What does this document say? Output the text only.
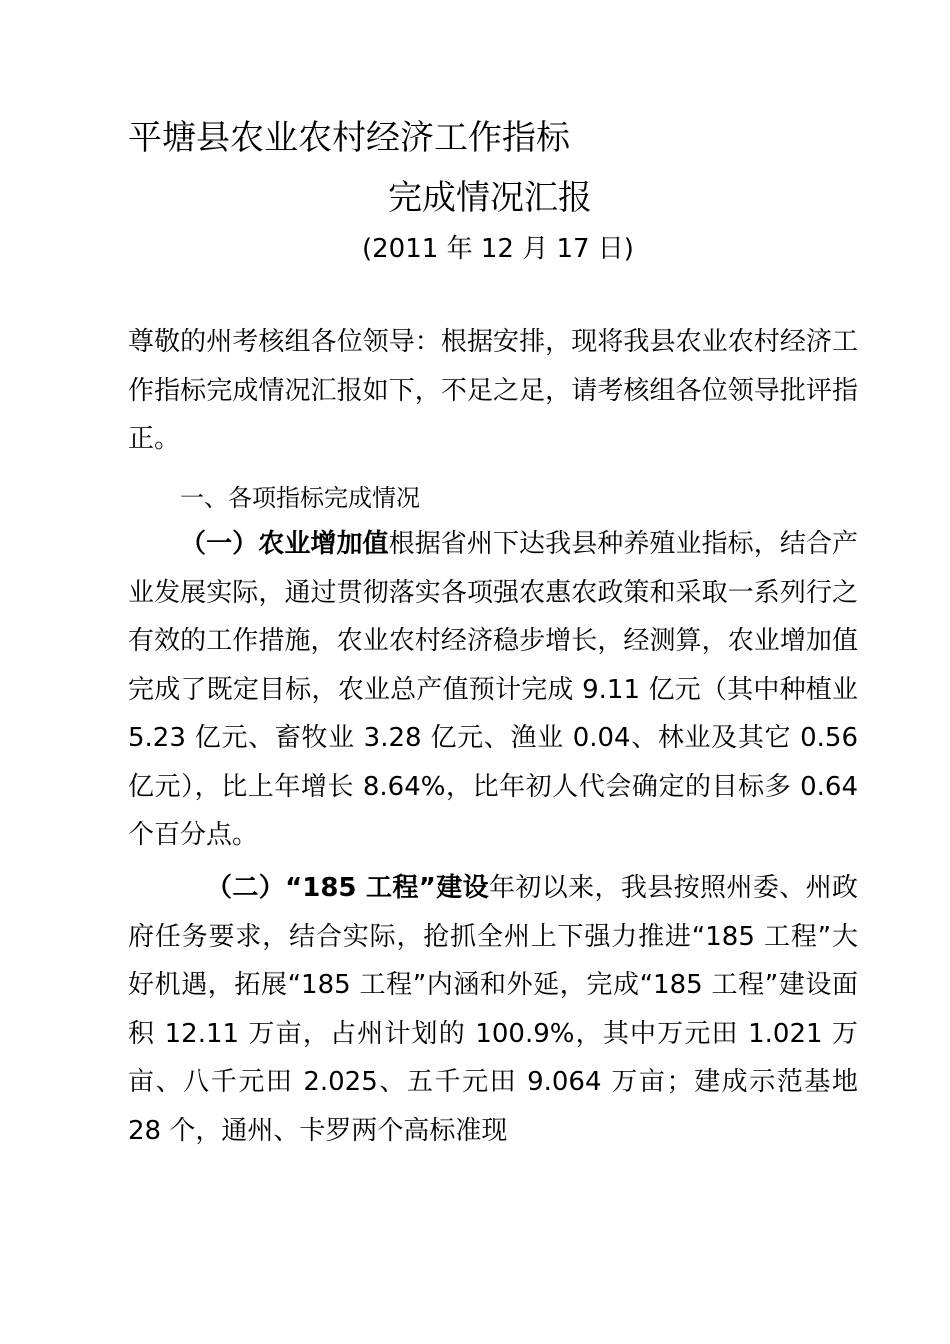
平塘县农业农村经济工作指标
完成情况汇报
(2011 年 12 月 17 日)

尊敬的州考核组各位领导：根据安排，现将我县农业农村经济工作指标完成情况汇报如下，不足之足，请考核组各位领导批评指正。

一、各项指标完成情况

（一）农业增加值根据省州下达我县种养殖业指标，结合产业发展实际，通过贯彻落实各项强农惠农政策和采取一系列行之有效的工作措施，农业农村经济稳步增长，经测算，农业增加值完成了既定目标，农业总产值预计完成 9.11 亿元（其中种植业 5.23 亿元、畜牧业 3.28 亿元、渔业 0.04、林业及其它 0.56 亿元），比上年增长 8.64%，比年初人代会确定的目标多 0.64 个百分点。

（二）“185 工程”建设年初以来，我县按照州委、州政府任务要求，结合实际，抢抓全州上下强力推进“185 工程”大好机遇，拓展“185 工程”内涵和外延，完成“185 工程”建设面积 12.11 万亩，占州计划的 100.9%，其中万元田 1.021 万亩、八千元田 2.025、五千元田 9.064 万亩；建成示范基地 28 个，通州、卡罗两个高标准现
